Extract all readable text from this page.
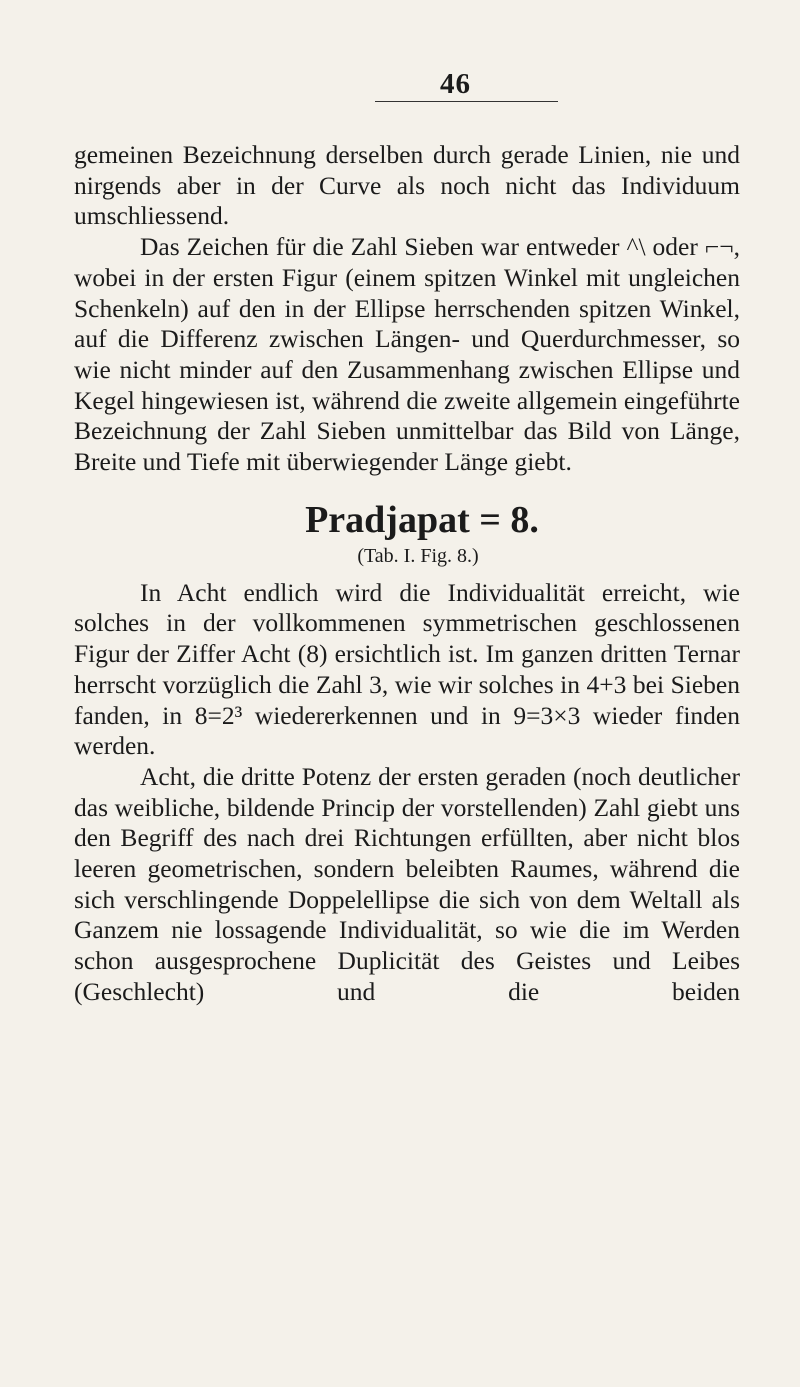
46

gemeinen Bezeichnung derselben durch gerade Linien, nie und nirgends aber in der Curve als noch nicht das Individuum umschliessend.

Das Zeichen für die Zahl Sieben war entweder ^\ oder ⌐¬, wobei in der ersten Figur (einem spitzen Winkel mit ungleichen Schenkeln) auf den in der Ellipse herrschenden spitzen Winkel, auf die Differenz zwischen Längen- und Querdurchmesser, so wie nicht minder auf den Zusammenhang zwischen Ellipse und Kegel hingewiesen ist, während die zweite allgemein eingeführte Bezeichnung der Zahl Sieben unmittelbar das Bild von Länge, Breite und Tiefe mit überwiegender Länge giebt.

Pradjapat = 8.
(Tab. I. Fig. 8.)

In Acht endlich wird die Individualität erreicht, wie solches in der vollkommenen symmetrischen geschlossenen Figur der Ziffer Acht (8) ersichtlich ist. Im ganzen dritten Ternar herrscht vorzüglich die Zahl 3, wie wir solches in 4+3 bei Sieben fanden, in 8=2³ wiedererkennen und in 9=3×3 wieder finden werden.

Acht, die dritte Potenz der ersten geraden (noch deutlicher das weibliche, bildende Princip der vorstellenden) Zahl giebt uns den Begriff des nach drei Richtungen erfüllten, aber nicht blos leeren geometrischen, sondern beleibten Raumes, während die sich verschlingende Doppelellipse die sich von dem Weltall als Ganzem nie lossagende Individualität, so wie die im Werden schon ausgesprochene Duplicität des Geistes und Leibes (Geschlecht) und die beiden
